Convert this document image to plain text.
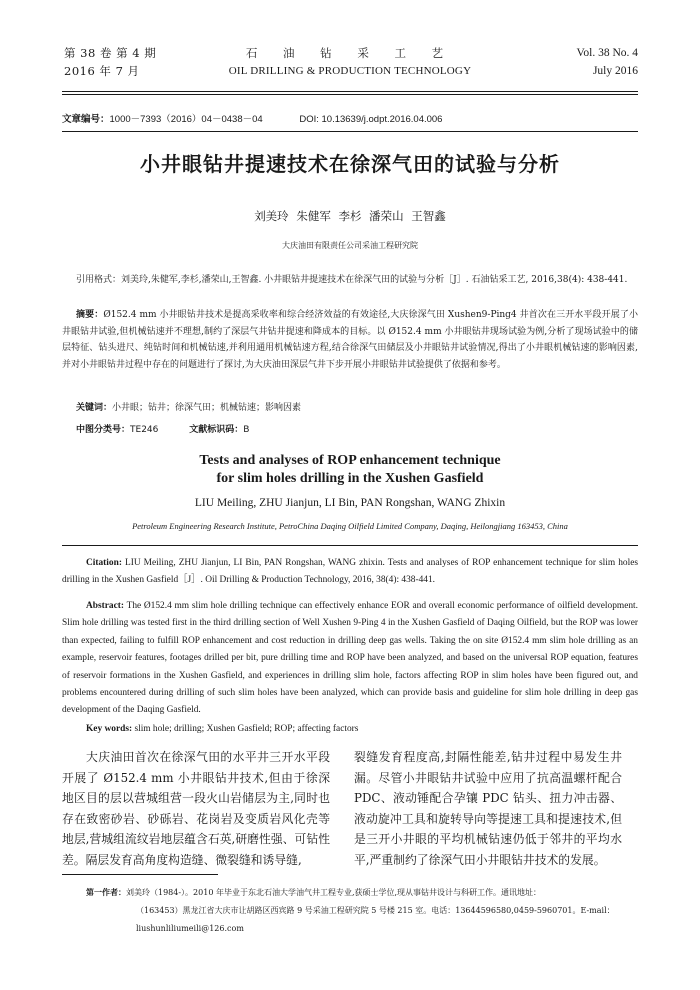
第 38 卷 第 4 期
2016 年 7 月
石 油 钻 采 工 艺
OIL DRILLING & PRODUCTION TECHNOLOGY
Vol. 38 No. 4
July 2016
文章编号：1000－7393（2016）04－0438－04	DOI: 10.13639/j.odpt.2016.04.006
小井眼钻井提速技术在徐深气田的试验与分析
刘美玲 朱健军 李杉 潘荣山 王智鑫
大庆油田有限责任公司采油工程研究院
引用格式：刘美玲,朱健军,李杉,潘荣山,王智鑫. 小井眼钻井提速技术在徐深气田的试验与分析［J］. 石油钻采工艺, 2016,38(4): 438-441.
摘要：Ø152.4 mm 小井眼钻井技术是提高采收率和综合经济效益的有效途径,大庆徐深气田 Xushen9-Ping4 井首次在三开水平段开展了小井眼钻井试验,但机械钻速并不理想,制约了深层气井钻井提速和降成本的目标。以 Ø152.4 mm 小井眼钻井现场试验为例,分析了现场试验中的储层特征、钻头进尺、纯钻时间和机械钻速,并利用通用机械钻速方程,结合徐深气田储层及小井眼钻井试验情况,得出了小井眼机械钻速的影响因素,并对小井眼钻井过程中存在的问题进行了探讨,为大庆油田深层气井下步开展小井眼钻井试验提供了依据和参考。
关键词：小井眼；钻井；徐深气田；机械钻速；影响因素
中图分类号：TE246	文献标识码：B
Tests and analyses of ROP enhancement technique
for slim holes drilling in the Xushen Gasfield
LIU Meiling, ZHU Jianjun, LI Bin, PAN Rongshan, WANG Zhixin
Petroleum Engineering Research Institute, PetroChina Daqing Oilfield Limited Company, Daqing, Heilongjiang 163453, China
Citation: LIU Meiling, ZHU Jianjun, LI Bin, PAN Rongshan, WANG zhixin. Tests and analyses of ROP enhancement technique for slim holes drilling in the Xushen Gasfield［J］. Oil Drilling & Production Technology, 2016, 38(4): 438-441.
Abstract: The Ø152.4 mm slim hole drilling technique can effectively enhance EOR and overall economic performance of oilfield development. Slim hole drilling was tested first in the third drilling section of Well Xushen 9-Ping 4 in the Xushen Gasfield of Daqing Oilfield, but the ROP was lower than expected, failing to fulfill ROP enhancement and cost reduction in drilling deep gas wells. Taking the on site Ø152.4 mm slim hole drilling as an example, reservoir features, footages drilled per bit, pure drilling time and ROP have been analyzed, and based on the universal ROP equation, features of reservoir formations in the Xushen Gasfield, and experiences in drilling slim hole, factors affecting ROP in slim holes have been figured out, and problems encountered during drilling of such slim holes have been analyzed, which can provide basis and guideline for slim hole drilling in deep gas development of the Daqing Gasfield.
Key words: slim hole; drilling; Xushen Gasfield; ROP; affecting factors
大庆油田首次在徐深气田的水平井三开水平段开展了 Ø152.4 mm 小井眼钻井技术,但由于徐深地区目的层以营城组营一段火山岩储层为主,同时也存在致密砂岩、砂砾岩、花岗岩及变质岩风化壳等地层,营城组流纹岩地层蕴含石英,研磨性强、可钻性差。隔层发育高角度构造缝、微裂缝和诱导缝,
裂缝发育程度高,封隔性能差,钻井过程中易发生井漏。尽管小井眼钻井试验中应用了抗高温螺杆配合 PDC、液动锤配合孕镶 PDC 钻头、扭力冲击器、液动旋冲工具和旋转导向等提速工具和提速技术,但是三开小井眼的平均机械钻速仍低于邻井的平均水平,严重制约了徐深气田小井眼钻井技术的发展。
第一作者：刘美玲（1984-）。2010 年毕业于东北石油大学油气井工程专业,获硕士学位,现从事钻井设计与科研工作。通讯地址：
（163453）黑龙江省大庆市让胡路区西宾路 9 号采油工程研究院 5 号楼 215 室。电话：13644596580,0459-5960701。E-mail：
liushunliliumeili@126.com
